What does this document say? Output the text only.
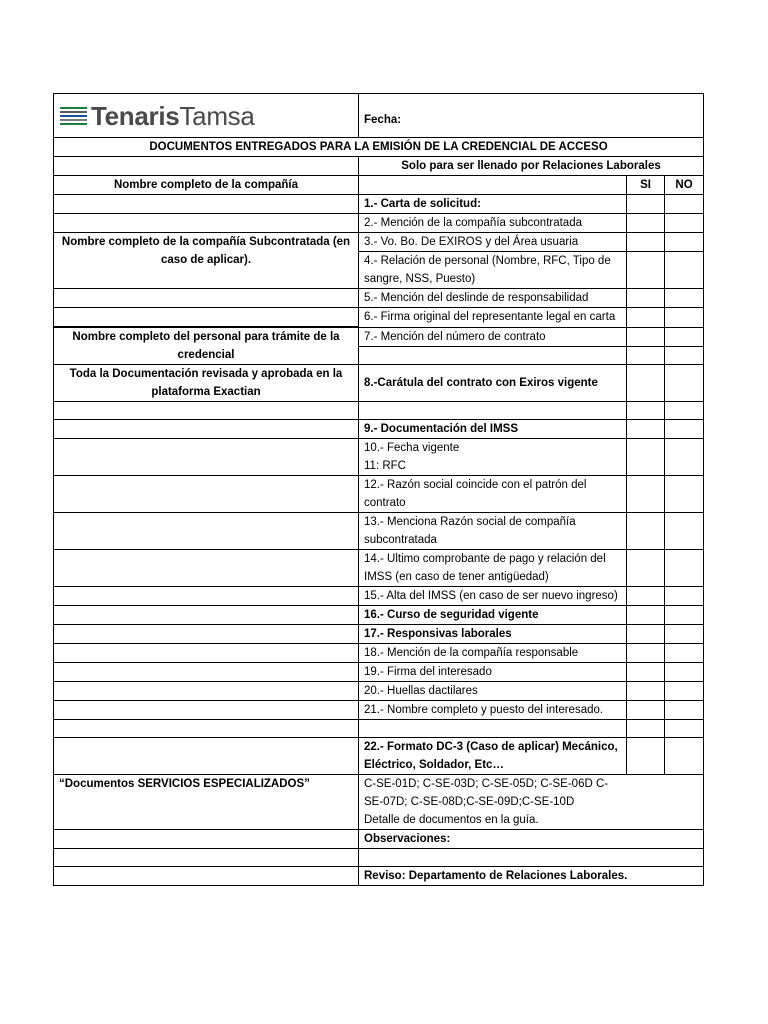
TenarisTamsa	Fecha:		
DOCUMENTOS ENTREGADOS PARA LA EMISIÓN DE LA CREDENCIAL DE ACCESO			
	Solo para ser llenado por Relaciones Laborales		
Nombre completo de la compañía		SI	NO
	1.- Carta de solicitud:		
	2.- Mención de la compañía subcontratada		
Nombre completo de la compañía Subcontratada (en caso de aplicar).	3.- Vo. Bo. De EXIROS y del Área usuaria		
	4.- Relación de personal (Nombre, RFC, Tipo de sangre, NSS, Puesto)		
	5.- Mención del deslinde de responsabilidad		

	6.- Firma original del representante legal en carta		
Nombre completo del personal para trámite de la credencial	7.- Mención del número de contrato		

Toda la Documentación revisada y aprobada en la plataforma Exactian	8.-Carátula del contrato con Exiros vigente		

	9.- Documentación del IMSS		

	10.- Fecha vigente
11: RFC		

	12.- Razón social coincide con el patrón del contrato		
	13.- Menciona Razón social de compañía subcontratada		
	14.- Ultimo comprobante de pago y relación del IMSS (en caso de tener antigüedad)		
	15.- Alta del IMSS (en caso de ser nuevo ingreso)		
	16.- Curso de seguridad vigente		
	17.- Responsivas laborales		
	18.- Mención de la compañía responsable		
	19.- Firma del interesado		
	20.- Huellas dactilares		
	21.- Nombre completo y puesto del interesado.		

	22.- Formato DC-3 (Caso de aplicar) Mecánico, Eléctrico, Soldador, Etc…		
“Documentos SERVICIOS ESPECIALIZADOS”	C-SE-01D; C-SE-03D; C-SE-05D; C-SE-06D C-SE-07D; C-SE-08D;C-SE-09D;C-SE-10D
Detalle de documentos en la guía.		

	Observaciones:		

	Reviso: Departamento de Relaciones Laborales.		
